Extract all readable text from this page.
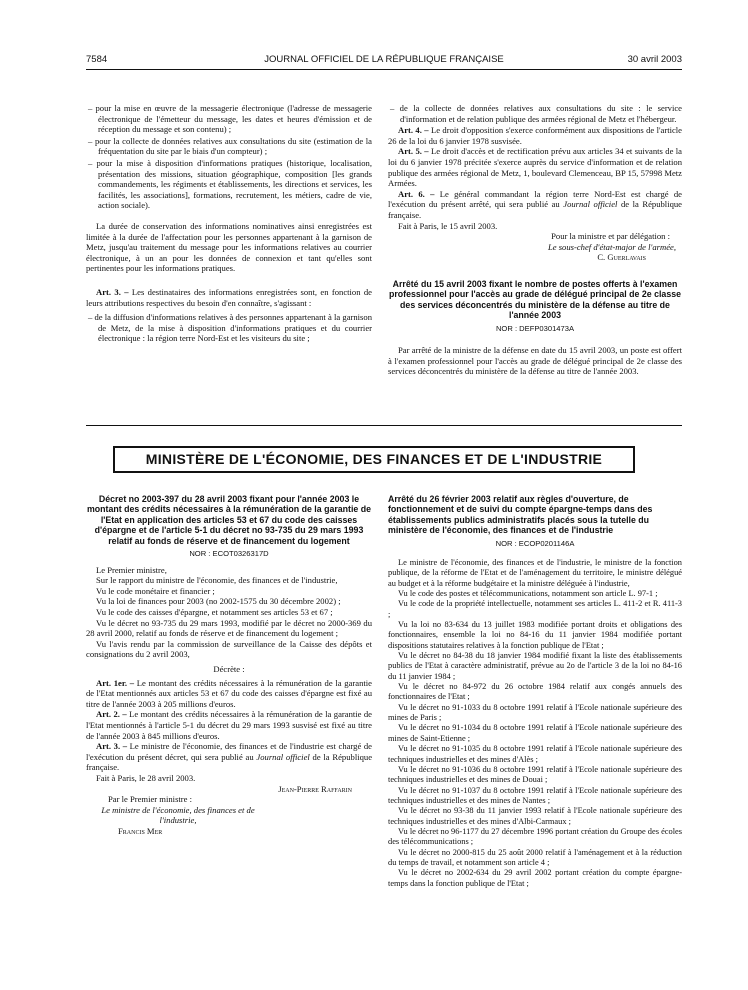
7584	JOURNAL OFFICIEL DE LA RÉPUBLIQUE FRANÇAISE	30 avril 2003

– pour la mise en œuvre de la messagerie électronique (l'adresse de messagerie électronique de l'émetteur du message, les dates et heures d'émission et de réception du message et son contenu) ;

– pour la collecte de données relatives aux consultations du site (estimation de la fréquentation du site par le biais d'un compteur) ;

– pour la mise à disposition d'informations pratiques (historique, localisation, présentation des missions, situation géographique, composition [les grands commandements, les régiments et établissements, les directions et services, les facilités, les associations], formations, recrutement, les métiers, cadre de vie, action sociale).

La durée de conservation des informations nominatives ainsi enregistrées est limitée à la durée de l'affectation pour les personnes appartenant à la garnison de Metz, jusqu'au traitement du message pour les informations relatives au courrier électronique, à un an pour les données de connexion et tant qu'elles sont pertinentes pour les informations pratiques.

Art. 3. – Les destinataires des informations enregistrées sont, en fonction de leurs attributions respectives du besoin d'en connaître, s'agissant :

– de la diffusion d'informations relatives à des personnes appartenant à la garnison de Metz, de la mise à disposition d'informations pratiques et du courrier électronique : la région terre Nord-Est et les visiteurs du site ;

– de la collecte de données relatives aux consultations du site : le service d'information et de relation publique des armées régional de Metz et l'hébergeur.

Art. 4. – Le droit d'opposition s'exerce conformément aux dispositions de l'article 26 de la loi du 6 janvier 1978 susvisée.

Art. 5. – Le droit d'accès et de rectification prévu aux articles 34 et suivants de la loi du 6 janvier 1978 précitée s'exerce auprès du service d'information et de relation publique des armées régional de Metz, 1, boulevard Clemenceau, BP 15, 57998 Metz Armées.

Art. 6. – Le général commandant la région terre Nord-Est est chargé de l'exécution du présent arrêté, qui sera publié au Journal officiel de la République française.

Fait à Paris, le 15 avril 2003.

Pour la ministre et par délégation :

Le sous-chef d'état-major de l'armée,

C. Guerlavais

Arrêté du 15 avril 2003 fixant le nombre de postes offerts à l'examen professionnel pour l'accès au grade de délégué principal de 2e classe des services déconcentrés du ministère de la défense au titre de l'année 2003

NOR : DEFP0301473A

Par arrêté de la ministre de la défense en date du 15 avril 2003, un poste est offert à l'examen professionnel pour l'accès au grade de délégué principal de 2e classe des services déconcentrés du ministère de la défense au titre de l'année 2003.

MINISTÈRE DE L'ÉCONOMIE, DES FINANCES ET DE L'INDUSTRIE

Décret no 2003-397 du 28 avril 2003 fixant pour l'année 2003 le montant des crédits nécessaires à la rémunération de la garantie de l'Etat en application des articles 53 et 67 du code des caisses d'épargne et de l'article 5-1 du décret no 93-735 du 29 mars 1993 relatif au fonds de réserve et de financement du logement

NOR : ECOT0326317D

Le Premier ministre,

Sur le rapport du ministre de l'économie, des finances et de l'industrie,

Vu le code monétaire et financier ;

Vu la loi de finances pour 2003 (no 2002-1575 du 30 décembre 2002) ;

Vu le code des caisses d'épargne, et notamment ses articles 53 et 67 ;

Vu le décret no 93-735 du 29 mars 1993, modifié par le décret no 2000-369 du 28 avril 2000, relatif au fonds de réserve et de financement du logement ;

Vu l'avis rendu par la commission de surveillance de la Caisse des dépôts et consignations du 2 avril 2003,

Décrète :

Art. 1er. – Le montant des crédits nécessaires à la rémunération de la garantie de l'Etat mentionnés aux articles 53 et 67 du code des caisses d'épargne est fixé au titre de l'année 2003 à 205 millions d'euros.

Art. 2. – Le montant des crédits nécessaires à la rémunération de la garantie de l'Etat mentionnés à l'article 5-1 du décret du 29 mars 1993 susvisé est fixé au titre de l'année 2003 à 845 millions d'euros.

Art. 3. – Le ministre de l'économie, des finances et de l'industrie est chargé de l'exécution du présent décret, qui sera publié au Journal officiel de la République française.

Fait à Paris, le 28 avril 2003.

Jean-Pierre Raffarin

Par le Premier ministre :

Le ministre de l'économie, des finances et de l'industrie,

Francis Mer

Arrêté du 26 février 2003 relatif aux règles d'ouverture, de fonctionnement et de suivi du compte épargne-temps dans des établissements publics administratifs placés sous la tutelle du ministère de l'économie, des finances et de l'industrie

NOR : ECOP0201146A

Le ministre de l'économie, des finances et de l'industrie, le ministre de la fonction publique, de la réforme de l'Etat et de l'aménagement du territoire, le ministre délégué au budget et à la réforme budgétaire et la ministre déléguée à l'industrie,

Vu le code des postes et télécommunications, notamment son article L. 97-1 ;

Vu le code de la propriété intellectuelle, notamment ses articles L. 411-2 et R. 411-3 ;

Vu la loi no 83-634 du 13 juillet 1983 modifiée portant droits et obligations des fonctionnaires, ensemble la loi no 84-16 du 11 janvier 1984 modifiée portant dispositions statutaires relatives à la fonction publique de l'Etat ;

Vu le décret no 84-38 du 18 janvier 1984 modifié fixant la liste des établissements publics de l'Etat à caractère administratif, prévue au 2o de l'article 3 de la loi no 84-16 du 11 janvier 1984 ;

Vu le décret no 84-972 du 26 octobre 1984 relatif aux congés annuels des fonctionnaires de l'Etat ;

Vu le décret no 91-1033 du 8 octobre 1991 relatif à l'Ecole nationale supérieure des mines de Paris ;

Vu le décret no 91-1034 du 8 octobre 1991 relatif à l'Ecole nationale supérieure des mines de Saint-Etienne ;

Vu le décret no 91-1035 du 8 octobre 1991 relatif à l'Ecole nationale supérieure des techniques industrielles et des mines d'Alès ;

Vu le décret no 91-1036 du 8 octobre 1991 relatif à l'Ecole nationale supérieure des techniques industrielles et des mines de Douai ;

Vu le décret no 91-1037 du 8 octobre 1991 relatif à l'Ecole nationale supérieure des techniques industrielles et des mines de Nantes ;

Vu le décret no 93-38 du 11 janvier 1993 relatif à l'Ecole nationale supérieure des techniques industrielles et des mines d'Albi-Carmaux ;

Vu le décret no 96-1177 du 27 décembre 1996 portant création du Groupe des écoles des télécommunications ;

Vu le décret no 2000-815 du 25 août 2000 relatif à l'aménagement et à la réduction du temps de travail, et notamment son article 4 ;

Vu le décret no 2002-634 du 29 avril 2002 portant création du compte épargne-temps dans la fonction publique de l'Etat ;
